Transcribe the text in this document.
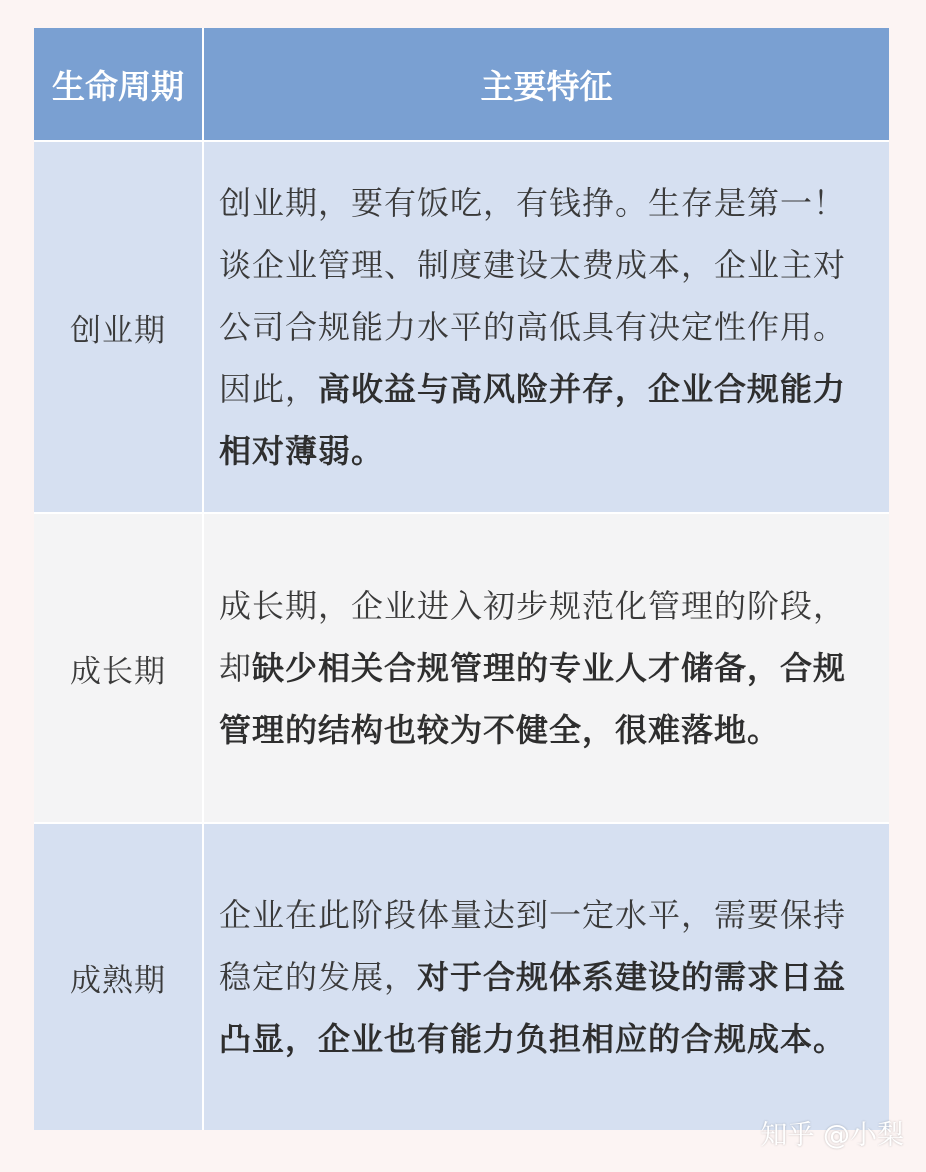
生命周期	主要特征
创业期
创业期，要有饭吃，有钱挣。生存是第一！谈企业管理、制度建设太费成本，企业主对公司合规能力水平的高低具有决定性作用。因此，高收益与高风险并存，企业合规能力相对薄弱。
成长期
成长期，企业进入初步规范化管理的阶段，却缺少相关合规管理的专业人才储备，合规管理的结构也较为不健全，很难落地。
成熟期
企业在此阶段体量达到一定水平，需要保持稳定的发展，对于合规体系建设的需求日益凸显，企业也有能力负担相应的合规成本。
知乎 @小梨
